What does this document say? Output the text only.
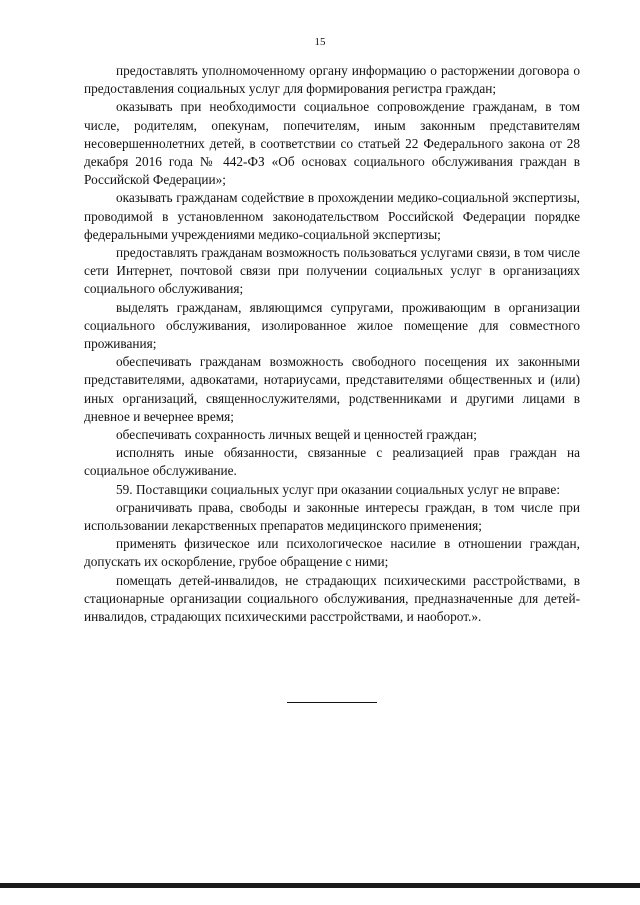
15

предоставлять уполномоченному органу информацию о расторжении договора о предоставления социальных услуг для формирования регистра граждан;

оказывать при необходимости социальное сопровождение гражданам, в том числе, родителям, опекунам, попечителям, иным законным представителям несовершеннолетних детей, в соответствии со статьей 22 Федерального закона от 28 декабря 2016 года № 442-ФЗ «Об основах социального обслуживания граждан в Российской Федерации»;

оказывать гражданам содействие в прохождении медико-социальной экспертизы, проводимой в установленном законодательством Российской Федерации порядке федеральными учреждениями медико-социальной экспертизы;

предоставлять гражданам возможность пользоваться услугами связи, в том числе сети Интернет, почтовой связи при получении социальных услуг в организациях социального обслуживания;

выделять гражданам, являющимся супругами, проживающим в организации социального обслуживания, изолированное жилое помещение для совместного проживания;

обеспечивать гражданам возможность свободного посещения их законными представителями, адвокатами, нотариусами, представителями общественных и (или) иных организаций, священнослужителями, родственниками и другими лицами в дневное и вечернее время;

обеспечивать сохранность личных вещей и ценностей граждан;

исполнять иные обязанности, связанные с реализацией прав граждан на социальное обслуживание.

59. Поставщики социальных услуг при оказании социальных услуг не вправе:

ограничивать права, свободы и законные интересы граждан, в том числе при использовании лекарственных препаратов медицинского применения;

применять физическое или психологическое насилие в отношении граждан, допускать их оскорбление, грубое обращение с ними;

помещать детей-инвалидов, не страдающих психическими расстройствами, в стационарные организации социального обслуживания, предназначенные для детей-инвалидов, страдающих психическими расстройствами, и наоборот.».
